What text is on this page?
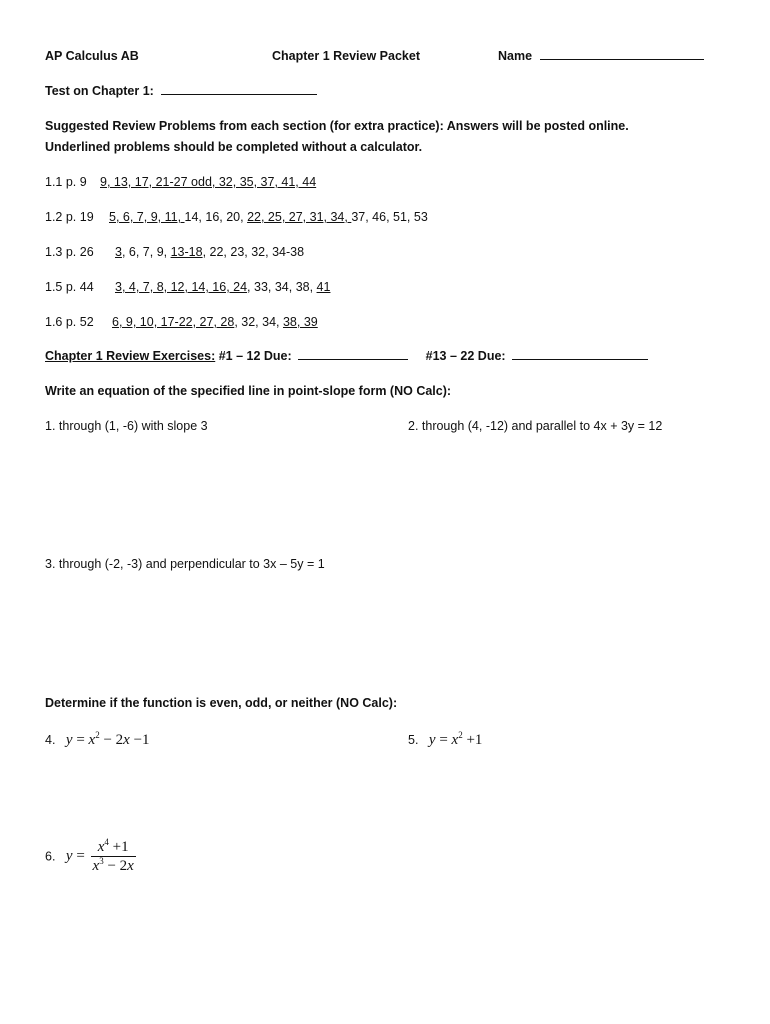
AP Calculus AB	Chapter 1 Review Packet	Name
Test on Chapter 1:
Suggested Review Problems from each section (for extra practice): Answers will be posted online.
Underlined problems should be completed without a calculator.
1.1 p. 9 9, 13, 17, 21-27 odd, 32, 35, 37, 41, 44
1.2 p. 19 5, 6, 7, 9, 11, 14, 16, 20, 22, 25, 27, 31, 34, 37, 46, 51, 53
1.3 p. 26 3, 6, 7, 9, 13-18, 22, 23, 32, 34-38
1.5 p. 44 3, 4, 7, 8, 12, 14, 16, 24, 33, 34, 38, 41
1.6 p. 52 6, 9, 10, 17-22, 27, 28, 32, 34, 38, 39
Chapter 1 Review Exercises: #1 – 12 Due:	#13 – 22 Due:
Write an equation of the specified line in point-slope form (NO Calc):
1. through (1, -6) with slope 3	2. through (4, -12) and parallel to 4x + 3y = 12
3. through (-2, -3) and perpendicular to 3x – 5y = 1
Determine if the function is even, odd, or neither (NO Calc):
4. $y = x^2 - 2x -1$	5. $y = x^2 +1$
6. $y = \frac{x^4 +1}{x^3 - 2x}$
